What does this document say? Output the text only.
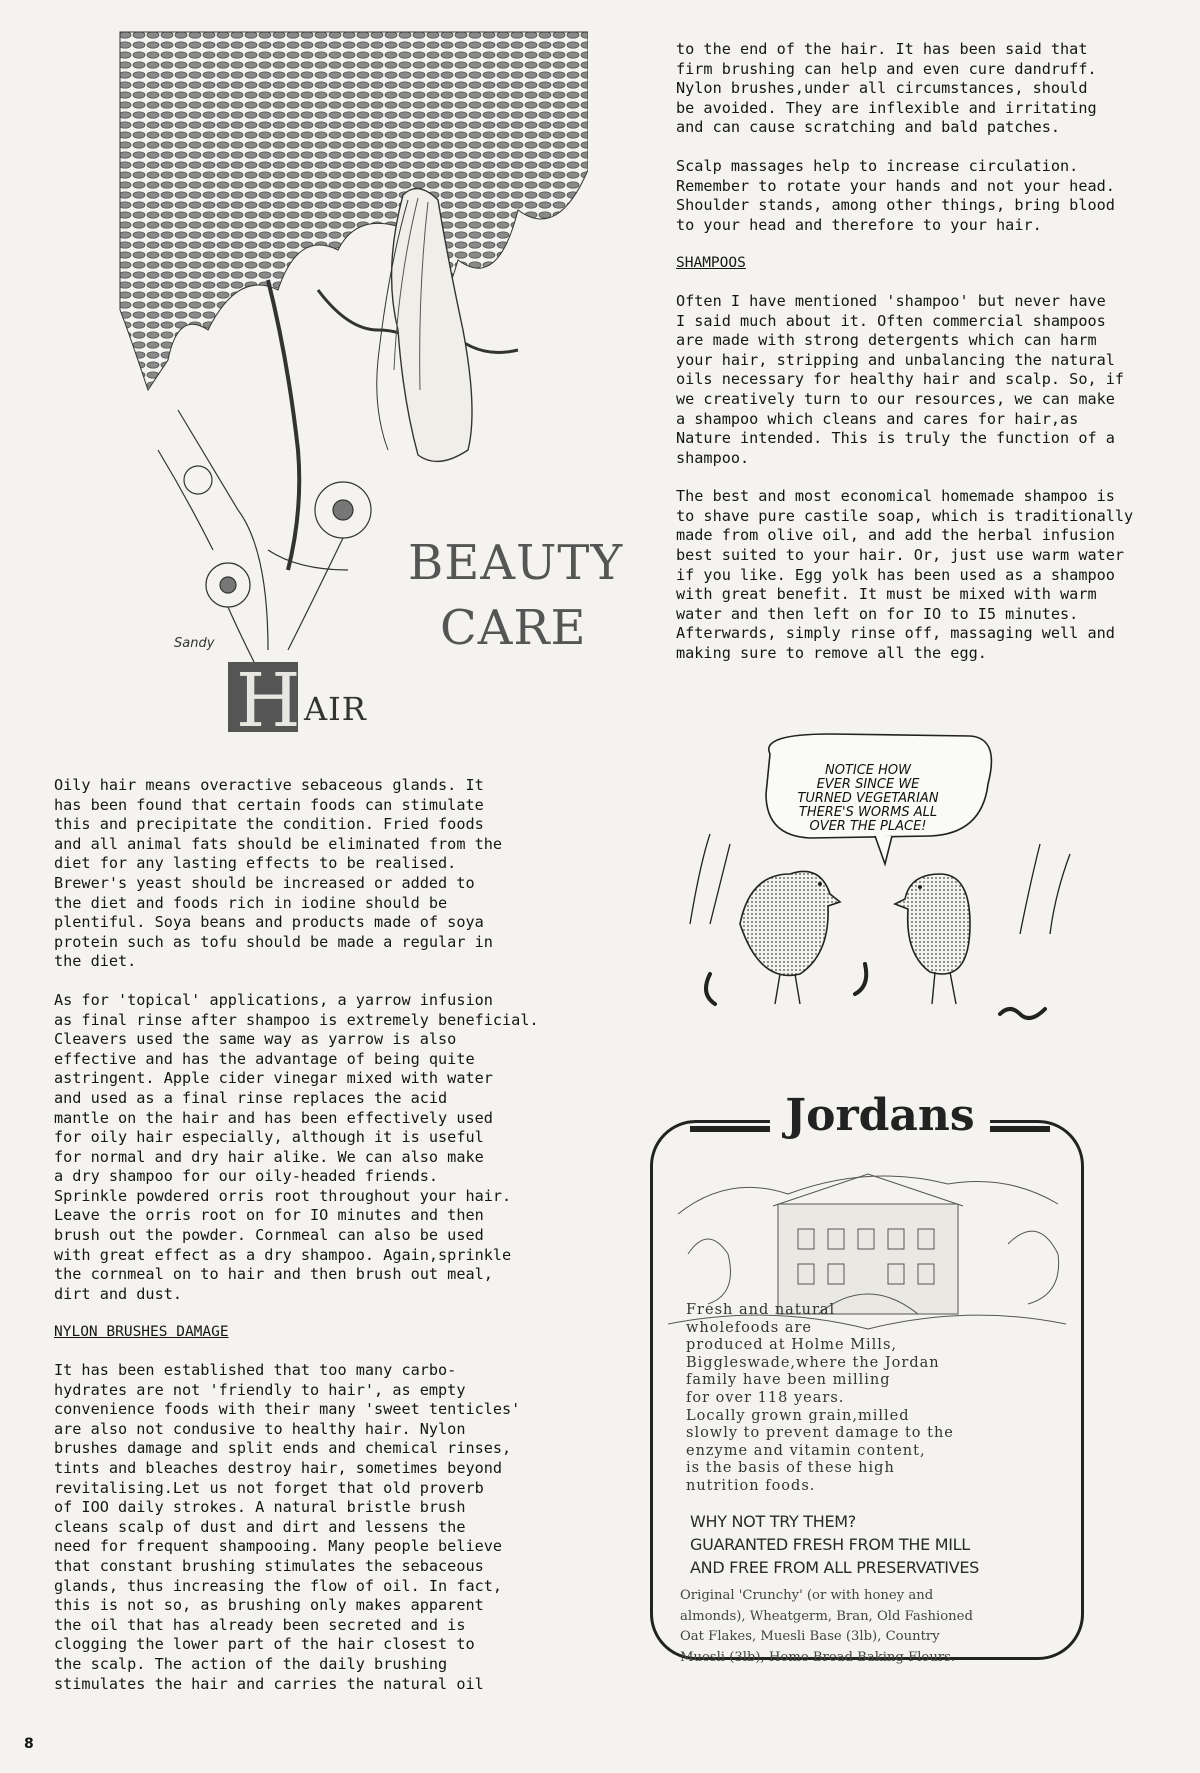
BEAUTY
CARE
H AIR
Sandy

to the end of the hair. It has been said that
firm brushing can help and even cure dandruff.
Nylon brushes,under all circumstances, should
be avoided. They are inflexible and irritating
and can cause scratching and bald patches.

Scalp massages help to increase circulation.
Remember to rotate your hands and not your head.
Shoulder stands, among other things, bring blood
to your head and therefore to your hair.

SHAMPOOS

Often I have mentioned 'shampoo' but never have
I said much about it. Often commercial shampoos
are made with strong detergents which can harm
your hair, stripping and unbalancing the natural
oils necessary for healthy hair and scalp. So, if
we creatively turn to our resources, we can make
a shampoo which cleans and cares for hair,as
Nature intended. This is truly the function of a
shampoo.

The best and most economical homemade shampoo is
to shave pure castile soap, which is traditionally
made from olive oil, and add the herbal infusion
best suited to your hair. Or, just use warm water
if you like. Egg yolk has been used as a shampoo
with great benefit. It must be mixed with warm
water and then left on for IO to I5 minutes.
Afterwards, simply rinse off, massaging well and
making sure to remove all the egg.

NOTICE HOW
EVER SINCE WE
TURNED VEGETARIAN
THERE'S WORMS ALL
OVER THE PLACE!

Oily hair means overactive sebaceous glands. It
has been found that certain foods can stimulate
this and precipitate the condition. Fried foods
and all animal fats should be eliminated from the
diet for any lasting effects to be realised.
Brewer's yeast should be increased or added to
the diet and foods rich in iodine should be
plentiful. Soya beans and products made of soya
protein such as tofu should be made a regular in
the diet.

As for 'topical' applications, a yarrow infusion
as final rinse after shampoo is extremely beneficial.
Cleavers used the same way as yarrow is also
effective and has the advantage of being quite
astringent. Apple cider vinegar mixed with water
and used as a final rinse replaces the acid
mantle on the hair and has been effectively used
for oily hair especially, although it is useful
for normal and dry hair alike. We can also make
a dry shampoo for our oily-headed friends.
Sprinkle powdered orris root throughout your hair.
Leave the orris root on for IO minutes and then
brush out the powder. Cornmeal can also be used
with great effect as a dry shampoo. Again,sprinkle
the cornmeal on to hair and then brush out meal,
dirt and dust.

NYLON BRUSHES DAMAGE

It has been established that too many carbo-
hydrates are not 'friendly to hair', as empty
convenience foods with their many 'sweet tenticles'
are also not condusive to healthy hair. Nylon
brushes damage and split ends and chemical rinses,
tints and bleaches destroy hair, sometimes beyond
revitalising.Let us not forget that old proverb
of IOO daily strokes. A natural bristle brush
cleans scalp of dust and dirt and lessens the
need for frequent shampooing. Many people believe
that constant brushing stimulates the sebaceous
glands, thus increasing the flow of oil. In fact,
this is not so, as brushing only makes apparent
the oil that has already been secreted and is
clogging the lower part of the hair closest to
the scalp. The action of the daily brushing
stimulates the hair and carries the natural oil

Jordans
Fresh and natural
wholefoods are
produced at Holme Mills,
Biggleswade,where the Jordan
family have been milling
for over 118 years.
Locally grown grain,milled
slowly to prevent damage to the
enzyme and vitamin content,
is the basis of these high
nutrition foods.
WHY NOT TRY THEM?
GUARANTED FRESH FROM THE MILL
AND FREE FROM ALL PRESERVATIVES
Original 'Crunchy' (or with honey and
almonds), Wheatgerm, Bran, Old Fashioned
Oat Flakes, Muesli Base (3lb), Country
Muesli (3lb), Home Bread Baking Flours.
8
